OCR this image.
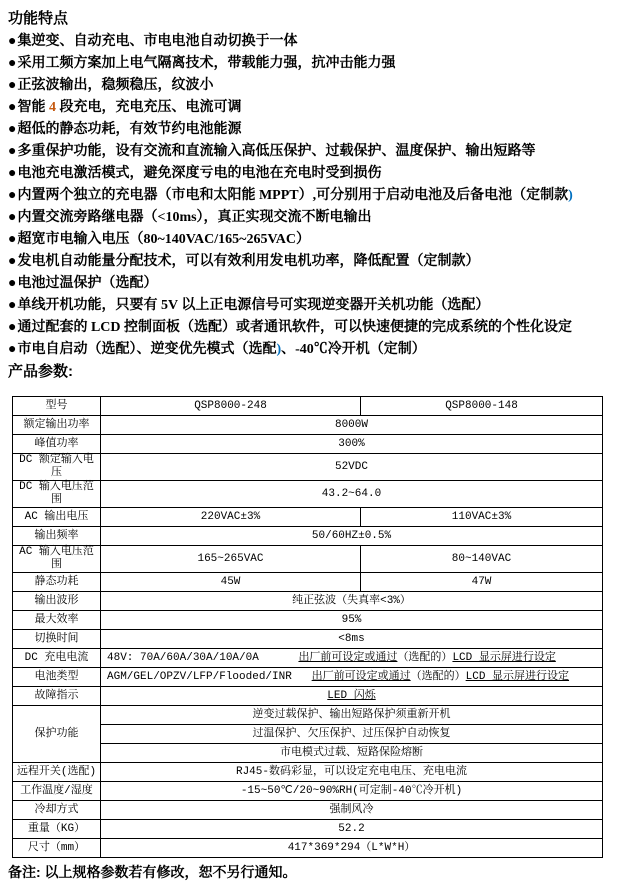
功能特点
●集逆变、自动充电、市电电池自动切换于一体
●采用工频方案加上电气隔离技术，带载能力强，抗冲击能力强
●正弦波输出，稳频稳压，纹波小
●智能 4 段充电，充电充压、电流可调
●超低的静态功耗，有效节约电池能源
●多重保护功能，设有交流和直流输入高低压保护、过载保护、温度保护、输出短路等
●电池充电激活模式，避免深度亏电的电池在充电时受到损伤
●内置两个独立的充电器（市电和太阳能 MPPT）,可分别用于启动电池及后备电池（定制款)
●内置交流旁路继电器（<10ms），真正实现交流不断电输出
●超宽市电输入电压（80~140VAC/165~265VAC）
●发电机自动能量分配技术，可以有效利用发电机功率，降低配置（定制款）
●电池过温保护（选配）
●单线开机功能，只要有 5V 以上正电源信号可实现逆变器开关机功能（选配）
●通过配套的 LCD 控制面板（选配）或者通讯软件，可以快速便捷的完成系统的个性化设定
●市电自启动（选配）、逆变优先模式（选配)、-40℃冷开机（定制）
产品参数:
型号	QSP8000-248	QSP8000-148
额定输出功率	8000W	
峰值功率	300%	
DC 额定输入电压	52VDC	
DC 输入电压范围	43.2~64.0	
AC 输出电压	220VAC±3%	110VAC±3%
输出频率	50/60HZ±0.5%	
AC 输入电压范围	165~265VAC	80~140VAC
静态功耗	45W	47W
输出波形	纯正弦波（失真率<3%）	
最大效率	95%	
切换时间	<8ms	
DC 充电电流	48V: 70A/60A/30A/10A/0A      出厂前可设定或通过（选配的）LCD 显示屏进行设定	
电池类型	AGM/GEL/OPZV/LFP/Flooded/INR   出厂前可设定或通过（选配的）LCD 显示屏进行设定	
故障指示	LED 闪烁	
保护功能	逆变过载保护、输出短路保护须重新开机	
	过温保护、欠压保护、过压保护自动恢复	
	市电模式过载、短路保险熔断	
远程开关(选配)	RJ45-数码彩显，可以设定充电电压、充电电流	
工作温度/湿度	-15~50℃/20~90%RH(可定制-40℃冷开机)	
冷却方式	强制风冷	
重量（KG）	52.2	
尺寸（mm）	417*369*294（L*W*H）	
备注: 以上规格参数若有修改，恕不另行通知。
